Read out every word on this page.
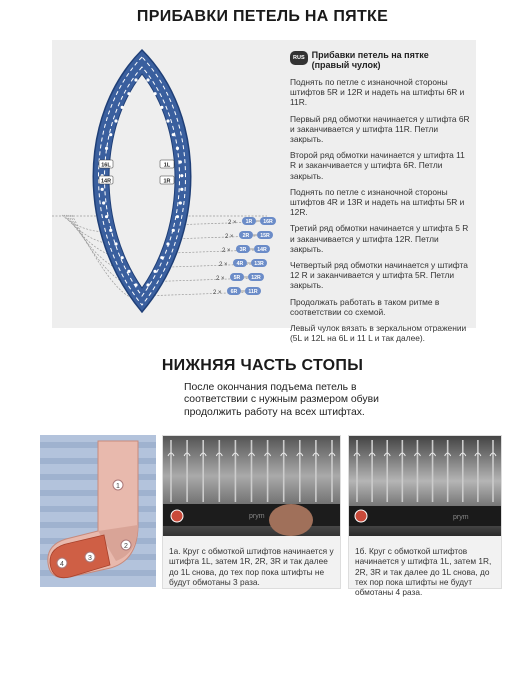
ПРИБАВКИ ПЕТЕЛЬ НА ПЯТКЕ
16L
14R
1L
1R
2 × 1R 16R
2 × 2R 15R
2 × 3R 14R
2 × 4R 13R
2 × 5R 12R
2 × 6R 11R
RUS Прибавки петель на пятке
(правый чулок)

Поднять по петле с изнаночной стороны штифтов 5R и 12R и надеть на штифты 6R и 11R.

Первый ряд обмотки начинается у штифта 6R и заканчивается у штифта 11R. Петли закрыть.

Второй ряд обмотки начинается у штифта 11 R и заканчивается у штифта 6R. Петли закрыть.

Поднять по петле с изнаночной стороны штифтов 4R и 13R и надеть на штифты 5R и 12R.

Третий ряд обмотки начинается у штифта 5 R и заканчивается у штифта 12R. Петли закрыть.

Четвертый ряд обмотки начинается у штифта 12 R и заканчивается у штифта 5R. Петли закрыть.

Продолжать работать в таком ритме в соответствии со схемой.

Левый чулок вязать в зеркальном отражении (5L и 12L на 6L и 11 L и так далее).

НИЖНЯЯ ЧАСТЬ СТОПЫ
После окончания подъема петель в соответствии с нужным размером обуви продолжить работу на всех штифтах.
1
2
3
4
prym
1а. Круг с обмоткой штифтов начинается у штифта 1L, затем 1R, 2R, 3R и так далее до 1L снова, до тех пор пока штифты не будут обмотаны 3 раза.
prym
1б. Круг с обмоткой штифтов начинается у штифта 1L, затем 1R, 2R, 3R и так далее до 1L снова, до тех пор пока штифты не будут обмотаны 4 раза.
